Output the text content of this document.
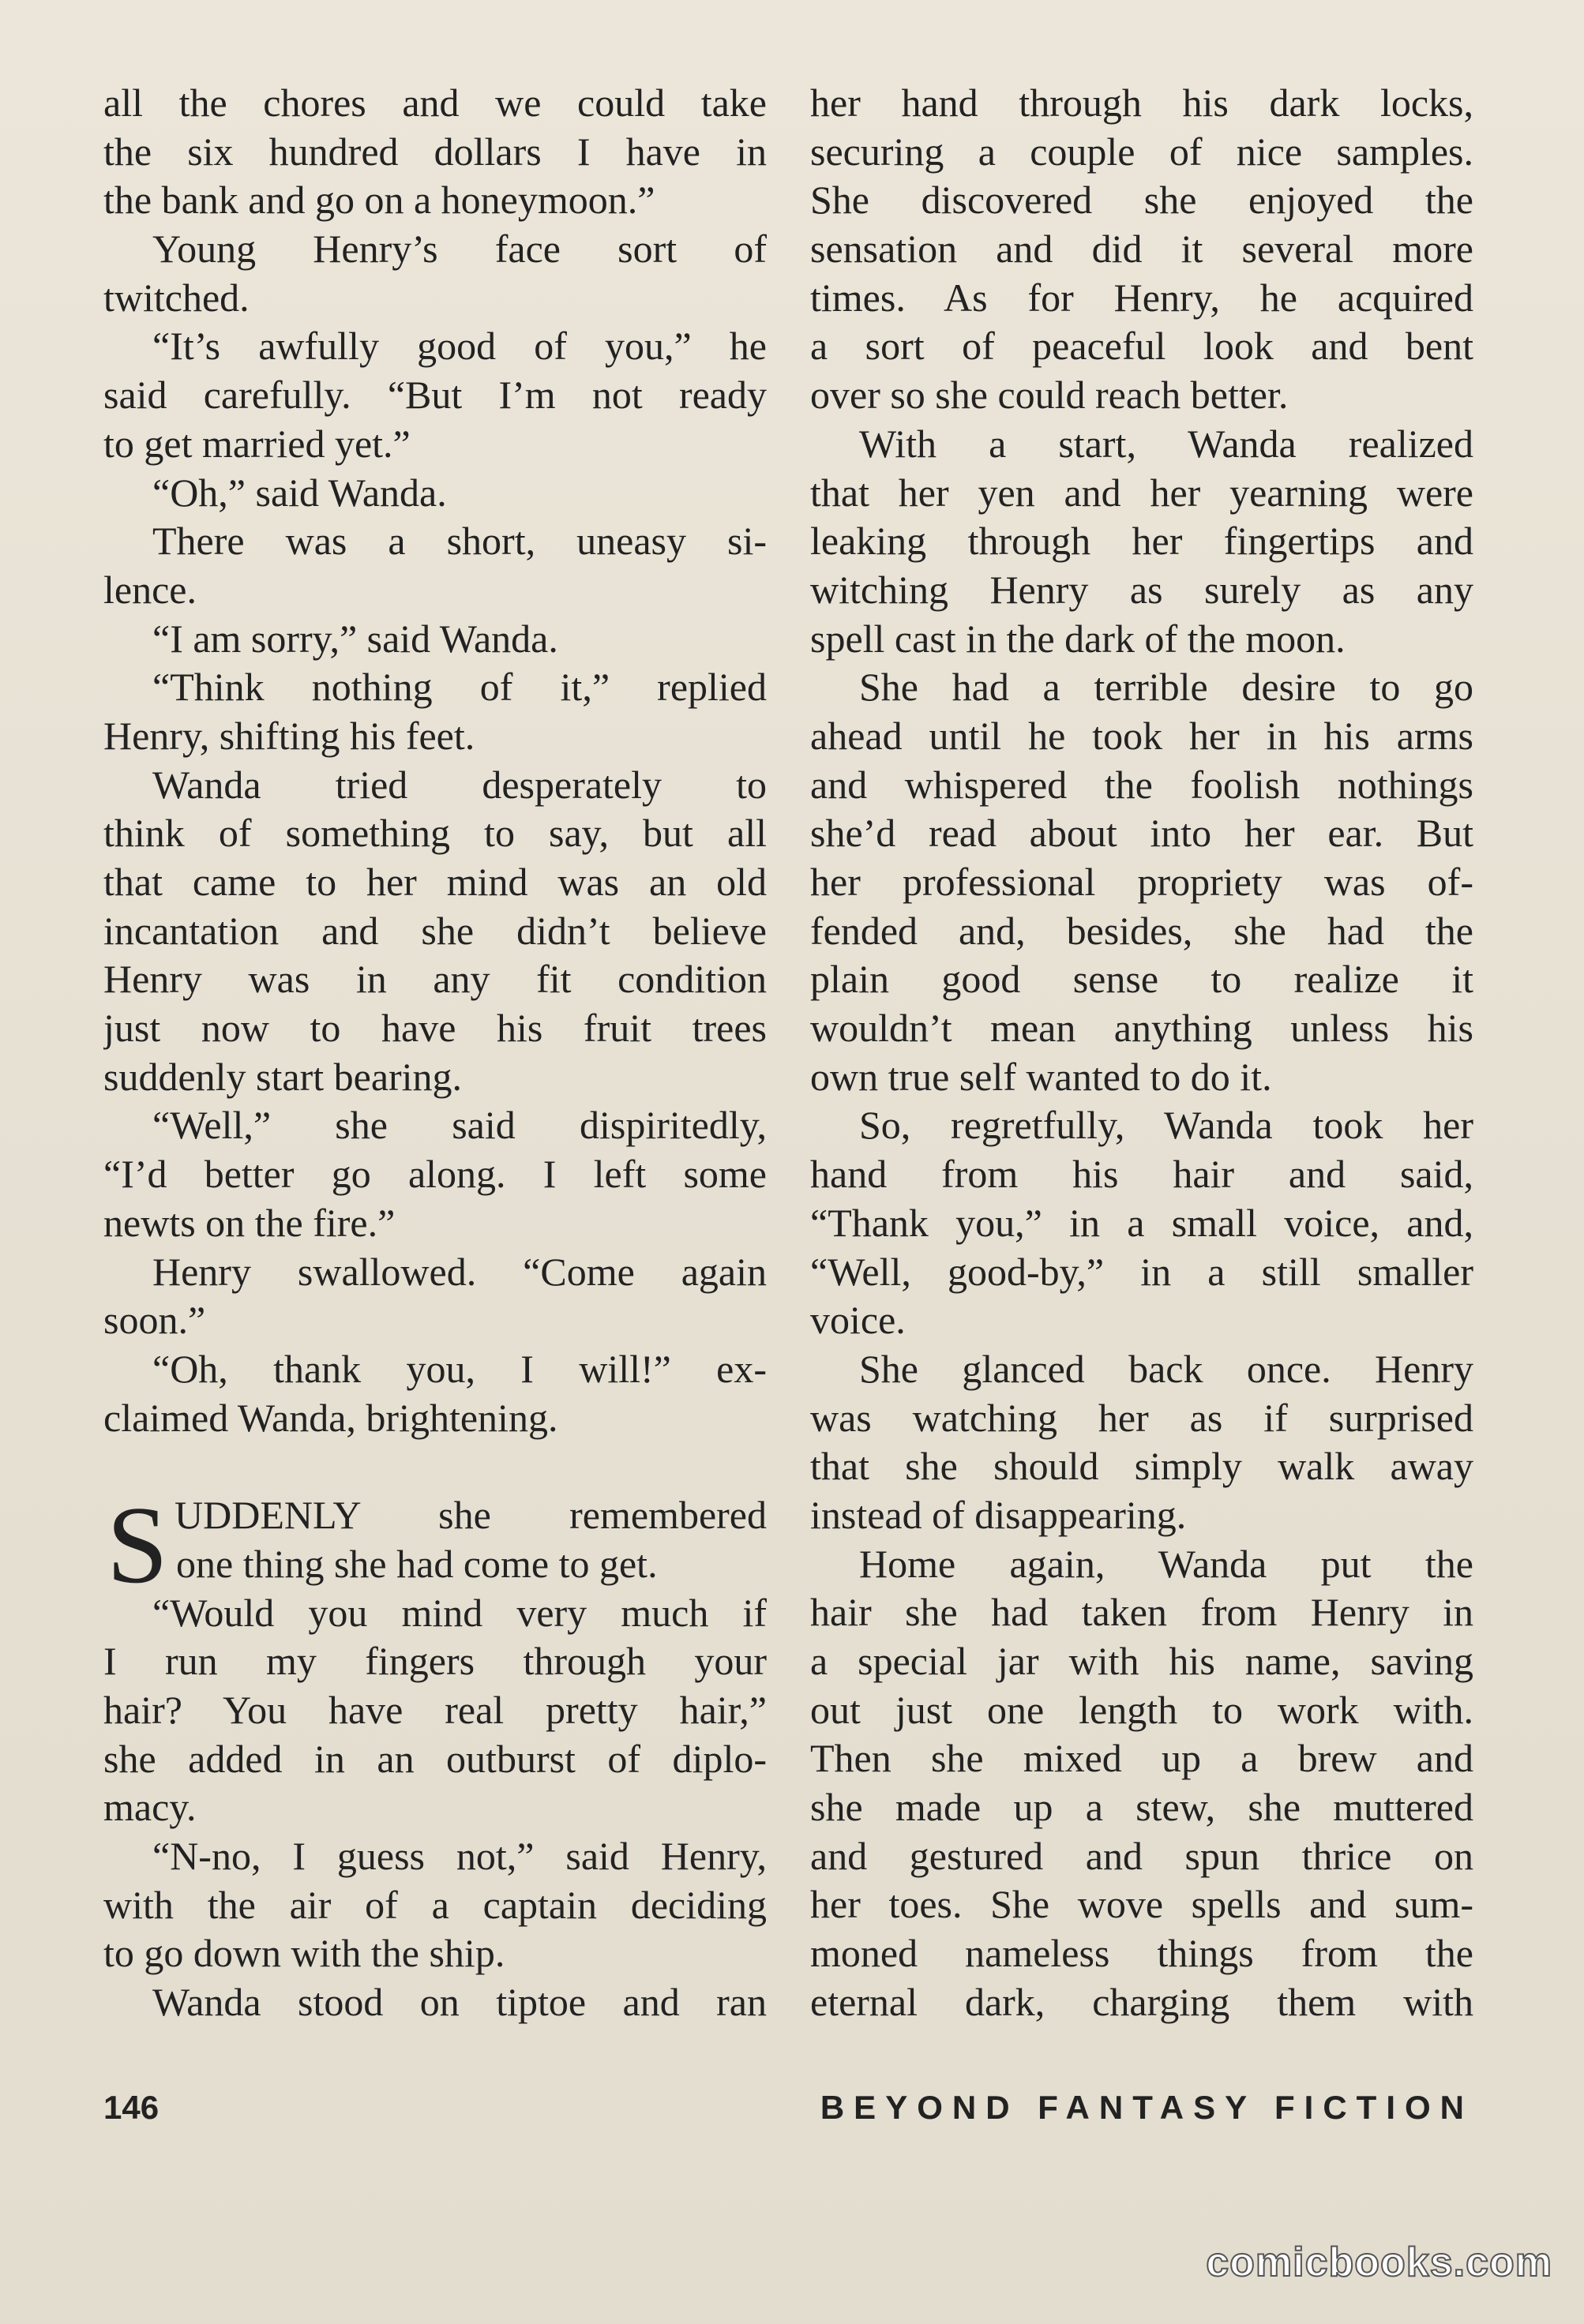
all the chores and we could take
the six hundred dollars I have in
the bank and go on a honeymoon.”
Young Henry’s face sort of
twitched.
“It’s awfully good of you,” he
said carefully. “But I’m not ready
to get married yet.”
“Oh,” said Wanda.
There was a short, uneasy si-
lence.
“I am sorry,” said Wanda.
“Think nothing of it,” replied
Henry, shifting his feet.
Wanda tried desperately to
think of something to say, but all
that came to her mind was an old
incantation and she didn’t believe
Henry was in any fit condition
just now to have his fruit trees
suddenly start bearing.
“Well,” she said dispiritedly,
“I’d better go along. I left some
newts on the fire.”
Henry swallowed. “Come again
soon.”
“Oh, thank you, I will!” ex-
claimed Wanda, brightening.
UDDENLY she remembered
one thing she had come to get.
“Would you mind very much if
I run my fingers through your
hair? You have real pretty hair,”
she added in an outburst of diplo-
macy.
“N-no, I guess not,” said Henry,
with the air of a captain deciding
to go down with the ship.
Wanda stood on tiptoe and ran
S
her hand through his dark locks,
securing a couple of nice samples.
She discovered she enjoyed the
sensation and did it several more
times. As for Henry, he acquired
a sort of peaceful look and bent
over so she could reach better.
With a start, Wanda realized
that her yen and her yearning were
leaking through her fingertips and
witching Henry as surely as any
spell cast in the dark of the moon.
She had a terrible desire to go
ahead until he took her in his arms
and whispered the foolish nothings
she’d read about into her ear. But
her professional propriety was of-
fended and, besides, she had the
plain good sense to realize it
wouldn’t mean anything unless his
own true self wanted to do it.
So, regretfully, Wanda took her
hand from his hair and said,
“Thank you,” in a small voice, and,
“Well, good-by,” in a still smaller
voice.
She glanced back once. Henry
was watching her as if surprised
that she should simply walk away
instead of disappearing.
Home again, Wanda put the
hair she had taken from Henry in
a special jar with his name, saving
out just one length to work with.
Then she mixed up a brew and
she made up a stew, she muttered
and gestured and spun thrice on
her toes. She wove spells and sum-
moned nameless things from the
eternal dark, charging them with
146	BEYOND FANTASY FICTION
comicbooks.com
